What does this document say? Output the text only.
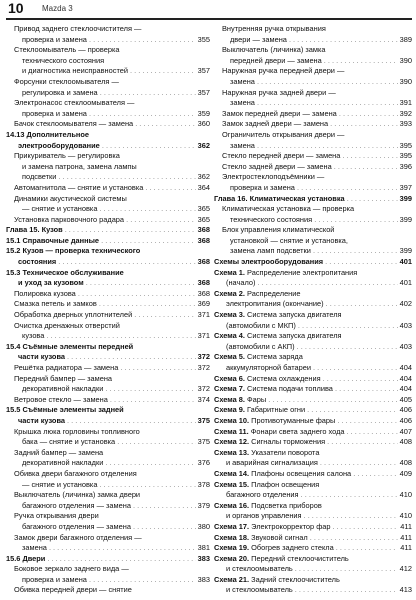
10 Mazda 3
Привод заднего стеклоочистителя —
проверка и замена . . .	355
Стеклоомыватель — проверка
технического состояния
и диагностика неисправностей . . .	357
Форсунки стеклоомывателя —
регулировка и замена . . .	357
Электронасос стеклоомывателя —
проверка и замена . . .	359
Бачок стеклоомывателя — замена . . .	360
14.13 Дополнительное
электрооборудование . . .	362
Прикуриватель — регулировка
и замена патрона, замена лампы
подсветки . . .	362
Автомагнитола — снятие и установка . . .	364
Динамики акустической системы
— снятие и установка . . .	365
Установка парковочного радара . . .	365
Глава 15. Кузов . . .	368
15.1 Справочные данные . . .	368
15.2 Кузов — проверка технического
состояния . . .	368
15.3 Техническое обслуживание
и уход за кузовом . . .	368
Полировка кузова . . .	368
Смазка петель и замков . . .	369
Обработка дверных уплотнителей . . .	371
Очистка дренажных отверстий
кузова . . .	371
15.4 Съёмные элементы передней
части кузова . . .	372
Решётка радиатора — замена . . .	372
Передний бампер — замена
декоративной накладки . . .	372
Ветровое стекло — замена . . .	374
15.5 Съёмные элементы задней
части кузова . . .	375
Крышка люка горловины топливного
бака — снятие и установка . . .	375
Задний бампер — замена
декоративной накладки . . .	376
Обивка двери багажного отделения
— снятие и установка . . .	378
Выключатель (личинка) замка двери
багажного отделения — замена . . .	379
Ручка открывания двери
багажного отделения — замена . . .	380
Замок двери багажного отделения —
замена . . .	381
15.6 Двери . . .	383
Боковое зеркало заднего вида —
проверка и замена . . .	383
Обивка передней двери — снятие
. . .
Внутренняя ручка открывания
двери — замена . . .	389
Выключатель (личинка) замка
передней двери — замена . . .	390
Наружная ручка передней двери —
замена . . .	390
Наружная ручка задней двери —
замена . . .	391
Замок передней двери — замена . . .	392
Замок задней двери — замена . . .	393
Ограничитель открывания двери —
замена . . .	395
Стекло передней двери — замена . . .	395
Стекло задней двери — замена . . .	396
Электростеклоподъёмники —
проверка и замена . . .	397
Глава 16. Климатическая установка . . .	399
Климатическая установка — проверка
технического состояния . . .	399
Блок управления климатической
установкой — снятие и установка,
замена ламп подсветки . . .	399
Схемы электрооборудования . . .	401
Схема 1. Распределение электропитания
(начало) . . .	401
Схема 2. Распределение
электропитания (окончание) . . .	402
Схема 3. Система запуска двигателя
(автомобили с МКП) . . .	403
Схема 4. Система запуска двигателя
(автомобили с АКП) . . .	403
Схема 5. Система заряда
аккумуляторной батареи . . .	404
Схема 6. Система охлаждения . . .	404
Схема 7. Система подачи топлива . . .	404
Схема 8. Фары . . .	405
Схема 9. Габаритные огни . . .	406
Схема 10. Противотуманные фары . . .	406
Схема 11. Фонари света заднего хода . . .	407
Схема 12. Сигналы торможения . . .	408
Схема 13. Указатели поворота
и аварийная сигнализация . . .	408
Схема 14. Плафоны освещения салона . . .	409
Схема 15. Плафон освещения
багажного отделения . . .	410
Схема 16. Подсветка приборов
и органов управления . . .	410
Схема 17. Электрокорректор фар . . .	411
Схема 18. Звуковой сигнал . . .	411
Схема 19. Обогрев заднего стекла . . .	411
Схема 20. Передний стеклоочиститель
и стеклоомыватель . . .	412
Схема 21. Задний стеклоочиститель
и стеклоомыватель . . .	413
. . .
